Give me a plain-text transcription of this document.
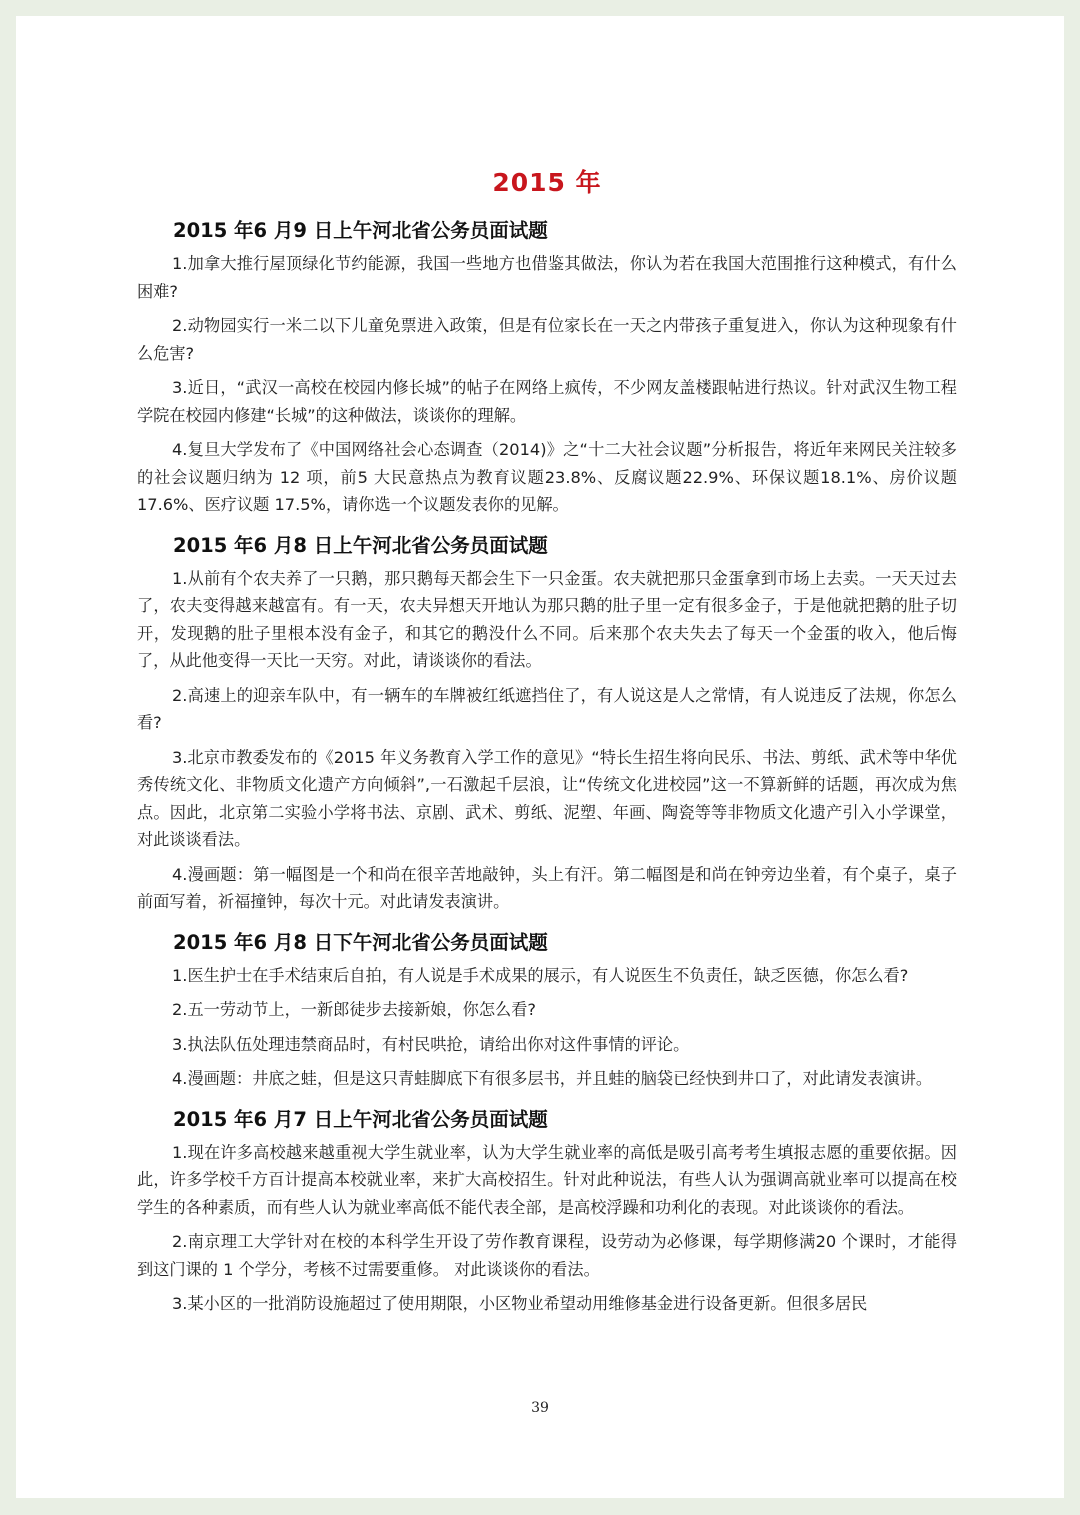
2015 年
2015 年6 月9 日上午河北省公务员面试题

1.加拿大推行屋顶绿化节约能源，我国一些地方也借鉴其做法，你认为若在我国大范围推行这种模式，有什么困难?

2.动物园实行一米二以下儿童免票进入政策，但是有位家长在一天之内带孩子重复进入，你认为这种现象有什么危害?

3.近日，“武汉一高校在校园内修长城”的帖子在网络上疯传，不少网友盖楼跟帖进行热议。针对武汉生物工程学院在校园内修建“长城”的这种做法，谈谈你的理解。

4.复旦大学发布了《中国网络社会心态调查（2014)》之“十二大社会议题”分析报告，将近年来网民关注较多的社会议题归纳为 12 项，前5 大民意热点为教育议题23.8%、反腐议题22.9%、环保议题18.1%、房价议题 17.6%、医疗议题 17.5%，请你选一个议题发表你的见解。

2015 年6 月8 日上午河北省公务员面试题

1.从前有个农夫养了一只鹅，那只鹅每天都会生下一只金蛋。农夫就把那只金蛋拿到市场上去卖。一天天过去了，农夫变得越来越富有。有一天，农夫异想天开地认为那只鹅的肚子里一定有很多金子，于是他就把鹅的肚子切开，发现鹅的肚子里根本没有金子，和其它的鹅没什么不同。后来那个农夫失去了每天一个金蛋的收入，他后悔了，从此他变得一天比一天穷。对此，请谈谈你的看法。

2.高速上的迎亲车队中，有一辆车的车牌被红纸遮挡住了，有人说这是人之常情，有人说违反了法规，你怎么看?

3.北京市教委发布的《2015 年义务教育入学工作的意见》“特长生招生将向民乐、书法、剪纸、武术等中华优秀传统文化、非物质文化遗产方向倾斜”,一石激起千层浪，让“传统文化进校园”这一不算新鲜的话题，再次成为焦点。因此，北京第二实验小学将书法、京剧、武术、剪纸、泥塑、年画、陶瓷等等非物质文化遗产引入小学课堂，对此谈谈看法。

4.漫画题：第一幅图是一个和尚在很辛苦地敲钟，头上有汗。第二幅图是和尚在钟旁边坐着，有个桌子，桌子前面写着，祈福撞钟，每次十元。对此请发表演讲。

2015 年6 月8 日下午河北省公务员面试题

1.医生护士在手术结束后自拍，有人说是手术成果的展示，有人说医生不负责任，缺乏医德，你怎么看?

2.五一劳动节上，一新郎徒步去接新娘，你怎么看?

3.执法队伍处理违禁商品时，有村民哄抢，请给出你对这件事情的评论。

4.漫画题：井底之蛙，但是这只青蛙脚底下有很多层书，并且蛙的脑袋已经快到井口了，对此请发表演讲。

2015 年6 月7 日上午河北省公务员面试题

1.现在许多高校越来越重视大学生就业率，认为大学生就业率的高低是吸引高考考生填报志愿的重要依据。因此，许多学校千方百计提高本校就业率，来扩大高校招生。针对此种说法，有些人认为强调高就业率可以提高在校学生的各种素质，而有些人认为就业率高低不能代表全部，是高校浮躁和功利化的表现。对此谈谈你的看法。

2.南京理工大学针对在校的本科学生开设了劳作教育课程，设劳动为必修课，每学期修满20 个课时，才能得到这门课的 1 个学分，考核不过需要重修。 对此谈谈你的看法。

3.某小区的一批消防设施超过了使用期限，小区物业希望动用维修基金进行设备更新。但很多居民

39
